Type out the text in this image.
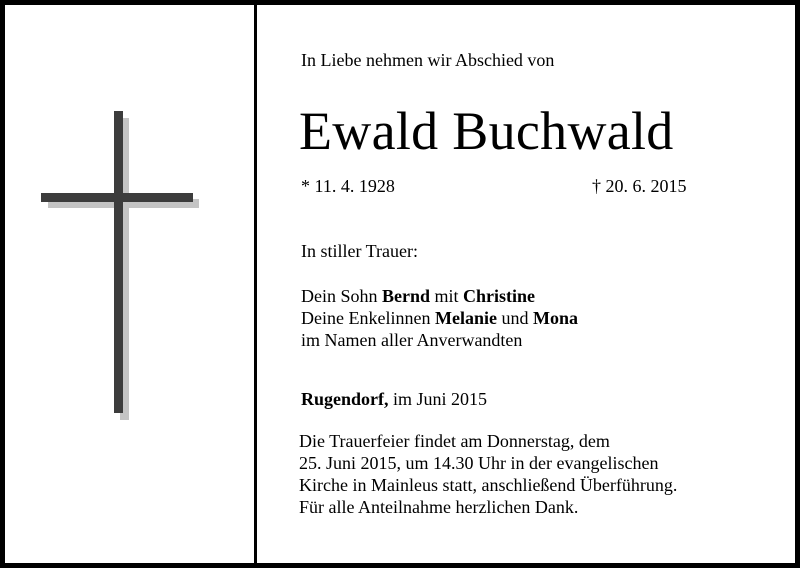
In Liebe nehmen wir Abschied von
Ewald Buchwald
* 11. 4. 1928	† 20. 6. 2015
In stiller Trauer:
Dein Sohn Bernd mit Christine
Deine Enkelinnen Melanie und Mona
im Namen aller Anverwandten
Rugendorf, im Juni 2015
Die Trauerfeier findet am Donnerstag, dem
25. Juni 2015, um 14.30 Uhr in der evangelischen
Kirche in Mainleus statt, anschließend Überführung.
Für alle Anteilnahme herzlichen Dank.
